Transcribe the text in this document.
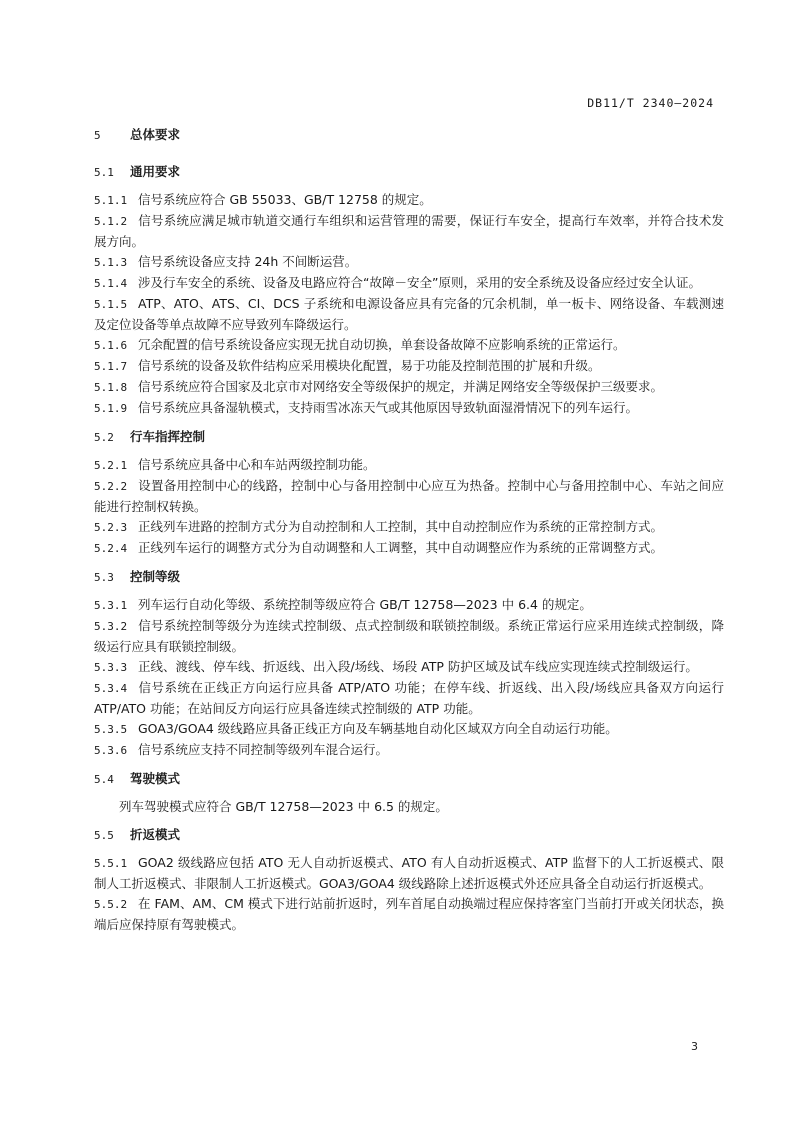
DB11/T 2340—2024
5 总体要求
5.1 通用要求
5.1.1 信号系统应符合 GB 55033、GB/T 12758 的规定。
5.1.2 信号系统应满足城市轨道交通行车组织和运营管理的需要，保证行车安全，提高行车效率，并符合技术发展方向。
5.1.3 信号系统设备应支持 24h 不间断运营。
5.1.4 涉及行车安全的系统、设备及电路应符合“故障－安全”原则，采用的安全系统及设备应经过安全认证。
5.1.5 ATP、ATO、ATS、CI、DCS 子系统和电源设备应具有完备的冗余机制，单一板卡、网络设备、车载测速及定位设备等单点故障不应导致列车降级运行。
5.1.6 冗余配置的信号系统设备应实现无扰自动切换，单套设备故障不应影响系统的正常运行。
5.1.7 信号系统的设备及软件结构应采用模块化配置，易于功能及控制范围的扩展和升级。
5.1.8 信号系统应符合国家及北京市对网络安全等级保护的规定，并满足网络安全等级保护三级要求。
5.1.9 信号系统应具备湿轨模式，支持雨雪冰冻天气或其他原因导致轨面湿滑情况下的列车运行。
5.2 行车指挥控制
5.2.1 信号系统应具备中心和车站两级控制功能。
5.2.2 设置备用控制中心的线路，控制中心与备用控制中心应互为热备。控制中心与备用控制中心、车站之间应能进行控制权转换。
5.2.3 正线列车进路的控制方式分为自动控制和人工控制，其中自动控制应作为系统的正常控制方式。
5.2.4 正线列车运行的调整方式分为自动调整和人工调整，其中自动调整应作为系统的正常调整方式。
5.3 控制等级
5.3.1 列车运行自动化等级、系统控制等级应符合 GB/T 12758—2023 中 6.4 的规定。
5.3.2 信号系统控制等级分为连续式控制级、点式控制级和联锁控制级。系统正常运行应采用连续式控制级，降级运行应具有联锁控制级。
5.3.3 正线、渡线、停车线、折返线、出入段/场线、场段 ATP 防护区域及试车线应实现连续式控制级运行。
5.3.4 信号系统在正线正方向运行应具备 ATP/ATO 功能；在停车线、折返线、出入段/场线应具备双方向运行 ATP/ATO 功能；在站间反方向运行应具备连续式控制级的 ATP 功能。
5.3.5 GOA3/GOA4 级线路应具备正线正方向及车辆基地自动化区域双方向全自动运行功能。
5.3.6 信号系统应支持不同控制等级列车混合运行。
5.4 驾驶模式
列车驾驶模式应符合 GB/T 12758—2023 中 6.5 的规定。
5.5 折返模式
5.5.1 GOA2 级线路应包括 ATO 无人自动折返模式、ATO 有人自动折返模式、ATP 监督下的人工折返模式、限制人工折返模式、非限制人工折返模式。GOA3/GOA4 级线路除上述折返模式外还应具备全自动运行折返模式。
5.5.2 在 FAM、AM、CM 模式下进行站前折返时，列车首尾自动换端过程应保持客室门当前打开或关闭状态，换端后应保持原有驾驶模式。
3
